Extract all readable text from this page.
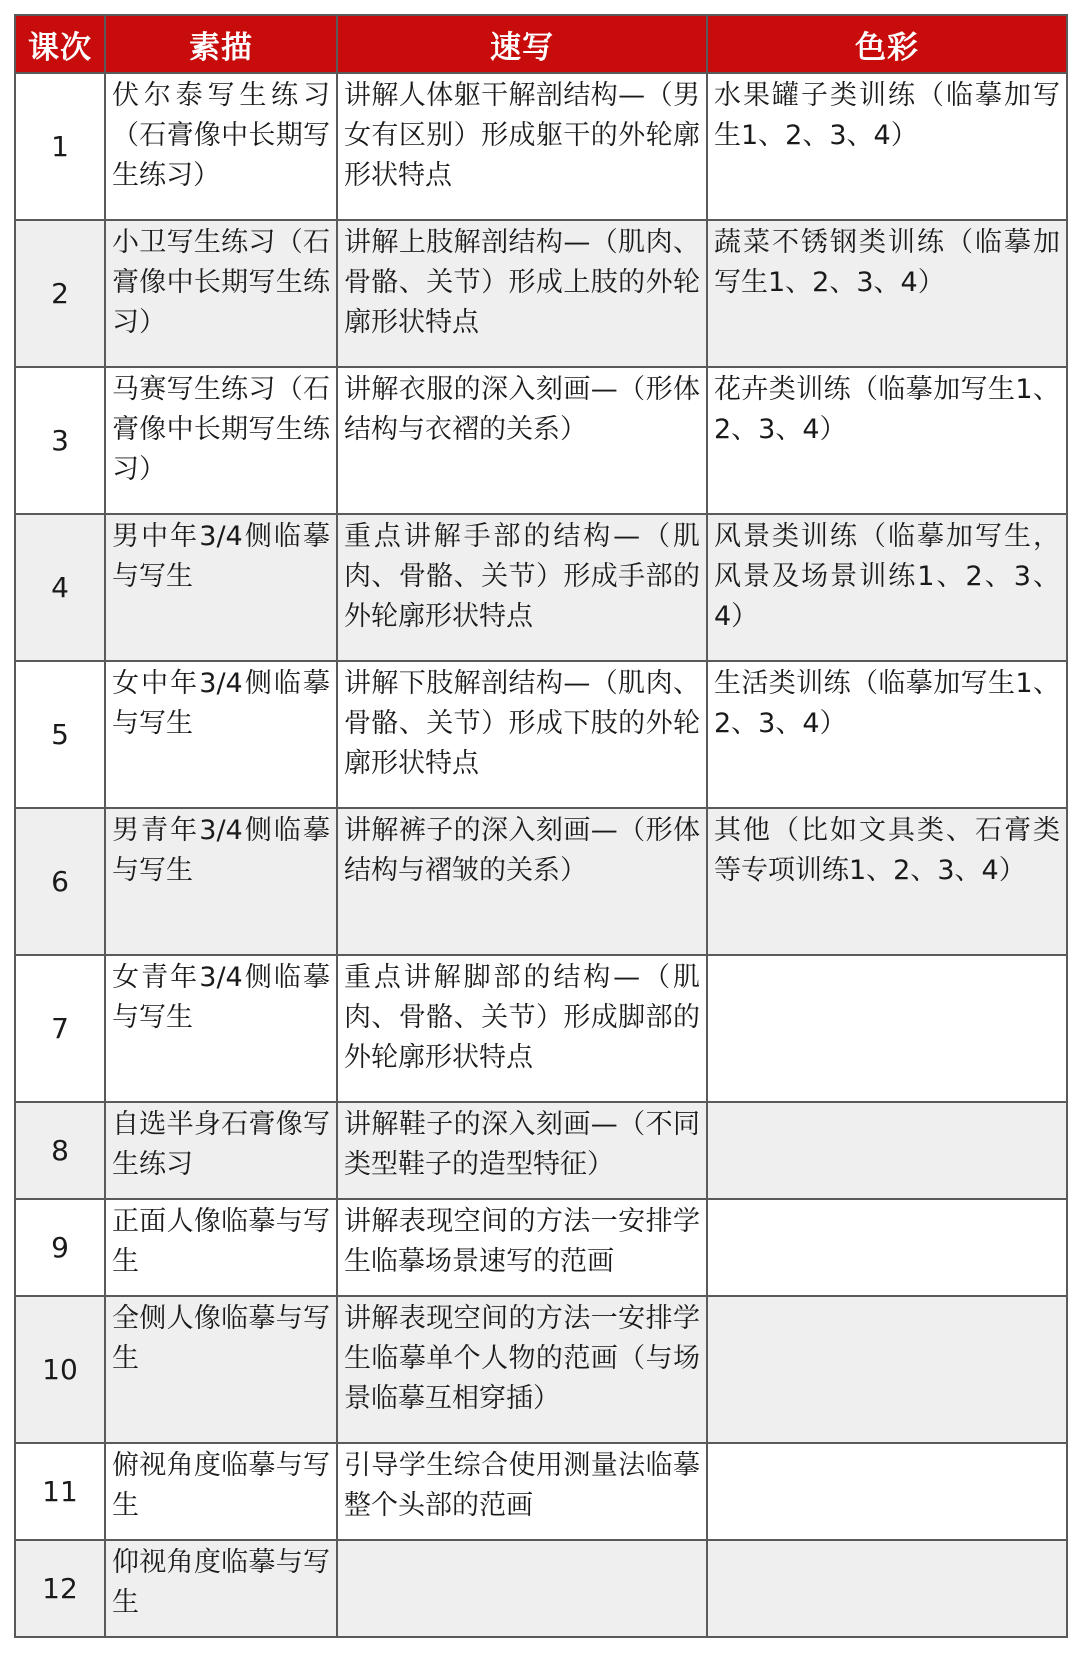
课次	素描	速写	色彩
1	伏尔泰写生练习（石膏像中长期写生练习）	讲解人体躯干解剖结构—（男女有区别）形成躯干的外轮廓形状特点	水果罐子类训练（临摹加写生1、2、3、4）
2	小卫写生练习（石膏像中长期写生练习）	讲解上肢解剖结构—（肌肉、骨骼、关节）形成上肢的外轮廓形状特点	蔬菜不锈钢类训练（临摹加写生1、2、3、4）
3	马赛写生练习（石膏像中长期写生练习）	讲解衣服的深入刻画—（形体结构与衣褶的关系）	花卉类训练（临摹加写生1、2、3、4）
4	男中年3/4侧临摹与写生	重点讲解手部的结构—（肌肉、骨骼、关节）形成手部的外轮廓形状特点	风景类训练（临摹加写生，风景及场景训练1、2、3、4）
5	女中年3/4侧临摹与写生	讲解下肢解剖结构—（肌肉、骨骼、关节）形成下肢的外轮廓形状特点	生活类训练（临摹加写生1、2、3、4）
6	男青年3/4侧临摹与写生	讲解裤子的深入刻画—（形体结构与褶皱的关系）	其他（比如文具类、石膏类等专项训练1、2、3、4）
7	女青年3/4侧临摹与写生	重点讲解脚部的结构—（肌肉、骨骼、关节）形成脚部的外轮廓形状特点	
8	自选半身石膏像写生练习	讲解鞋子的深入刻画—（不同类型鞋子的造型特征）	
9	正面人像临摹与写生	讲解表现空间的方法一安排学生临摹场景速写的范画	
10	全侧人像临摹与写生	讲解表现空间的方法一安排学生临摹单个人物的范画（与场景临摹互相穿插）	
11	俯视角度临摹与写生	引导学生综合使用测量法临摹整个头部的范画	
12	仰视角度临摹与写生		
